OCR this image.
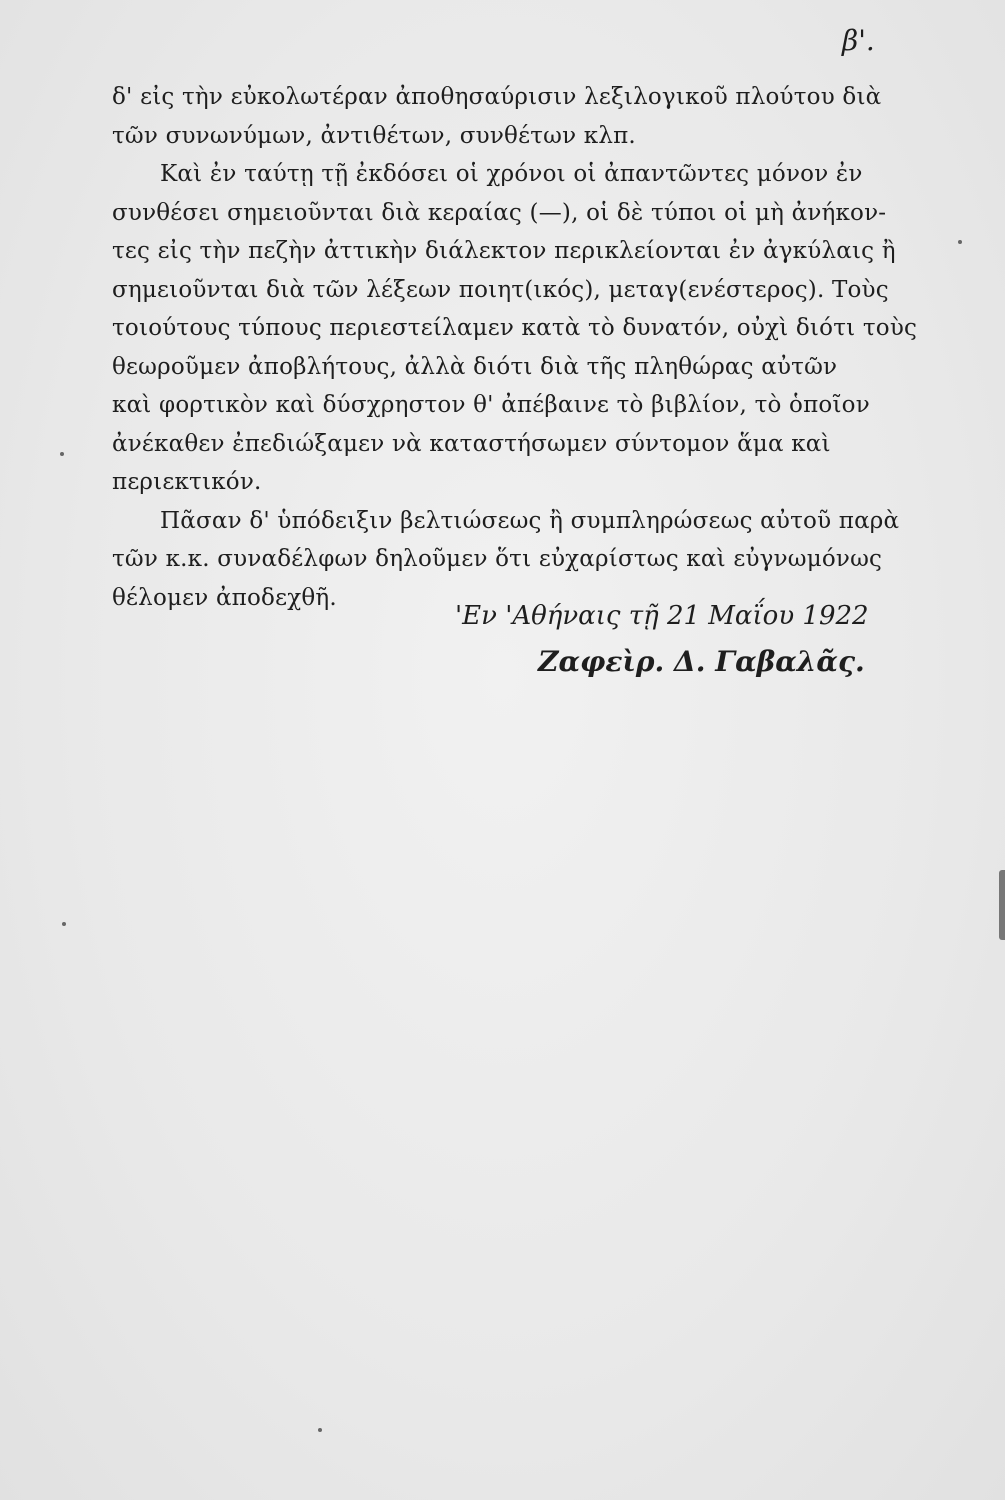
β'.
δ' εἰς τὴν εὐκολωτέραν ἀποθησαύρισιν λεξιλογικοῦ πλούτου διὰ
τῶν συνωνύμων, ἀντιθέτων, συνθέτων κλπ.
Καὶ ἐν ταύτῃ τῇ ἐκδόσει οἱ χρόνοι οἱ ἀπαντῶντες μόνον ἐν
συνθέσει σημειοῦνται διὰ κεραίας (—), οἱ δὲ τύποι οἱ μὴ ἀνήκον-
τες εἰς τὴν πεζὴν ἀττικὴν διάλεκτον περικλείονται ἐν ἀγκύλαις ἢ
σημειοῦνται διὰ τῶν λέξεων ποιητ(ικός), μεταγ(ενέστερος). Τοὺς
τοιούτους τύπους περιεστείλαμεν κατὰ τὸ δυνατόν, οὐχὶ διότι τοὺς
θεωροῦμεν ἀποβλήτους, ἀλλὰ διότι διὰ τῆς πληθώρας αὐτῶν
καὶ φορτικὸν καὶ δύσχρηστον θ' ἀπέβαινε τὸ βιβλίον, τὸ ὁποῖον
ἀνέκαθεν ἐπεδιώξαμεν νὰ καταστήσωμεν σύντομον ἅμα καὶ
περιεκτικόν.
Πᾶσαν δ' ὑπόδειξιν βελτιώσεως ἢ συμπληρώσεως αὐτοῦ παρὰ
τῶν κ.κ. συναδέλφων δηλοῦμεν ὅτι εὐχαρίστως καὶ εὐγνωμόνως
θέλομεν ἀποδεχθῆ.
'Εν 'Αθήναις τῇ 21 Μαΐου 1922
Ζαφεὶρ. Δ. Γαβαλᾶς.
